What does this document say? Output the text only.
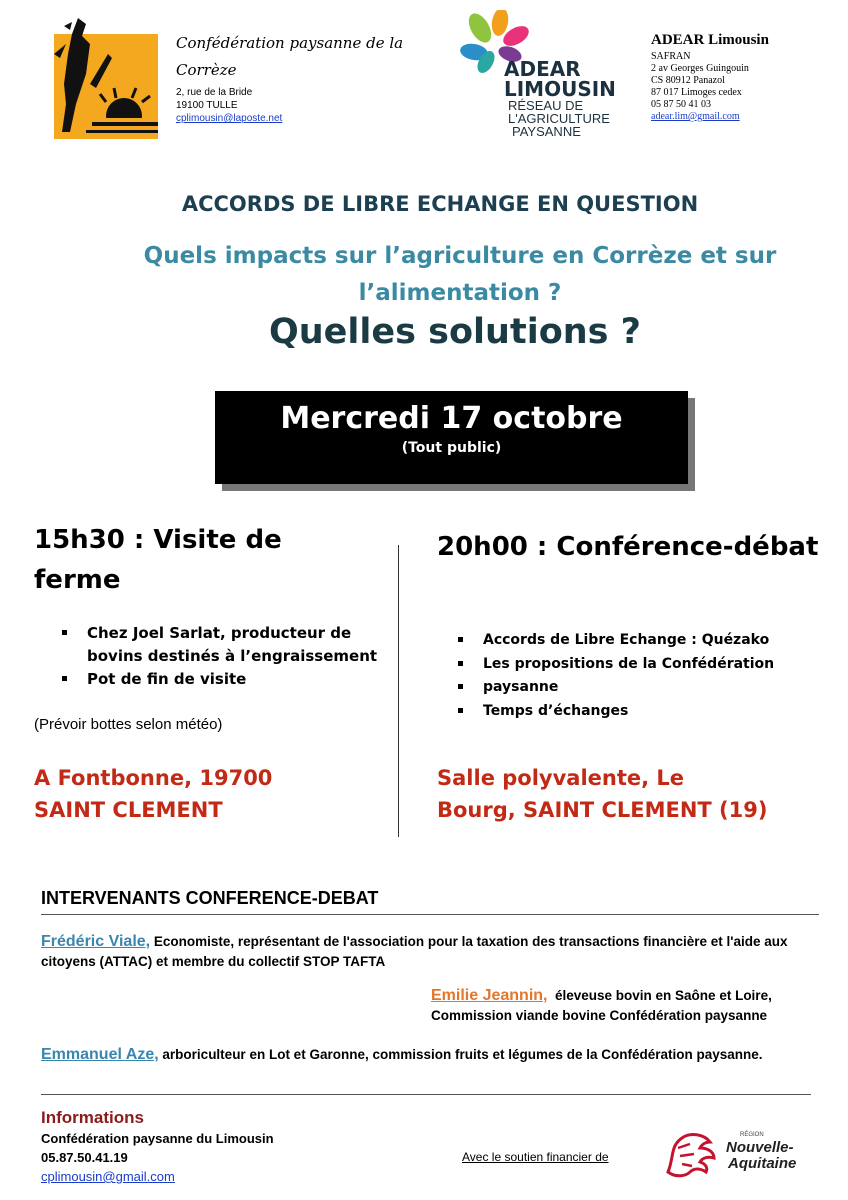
Confédération paysanne de la Corrèze
2, rue de la Bride
19100 TULLE
cplimousin@laposte.net
ADEAR
LIMOUSIN
RÉSEAU DE
L'AGRICULTURE
PAYSANNE
ADEAR Limousin
SAFRAN
2 av Georges Guingouin
CS 80912 Panazol
87 017 Limoges cedex
05 87 50 41 03
adear.lim@gmail.com
ACCORDS DE LIBRE ECHANGE EN QUESTION
Quels impacts sur l’agriculture en Corrèze et sur l’alimentation ?
Quelles solutions ?
Mercredi 17 octobre
(Tout public)
15h30 : Visite de ferme
Chez Joel Sarlat, producteur de bovins destinés à l’engraissement
Pot de fin de visite
(Prévoir bottes selon météo)
A Fontbonne, 19700
SAINT CLEMENT
20h00 : Conférence-débat
Accords de Libre Echange : Quézako
Les propositions de la Confédération
paysanne
Temps d’échanges
Salle polyvalente, Le
Bourg, SAINT CLEMENT (19)
INTERVENANTS CONFERENCE-DEBAT
Frédéric Viale, Economiste, représentant de l'association pour la taxation des transactions financière et l'aide aux citoyens (ATTAC) et membre du collectif STOP TAFTA
Emilie Jeannin, éleveuse bovin en Saône et Loire,
Commission viande bovine Confédération paysanne
Emmanuel Aze, arboriculteur en Lot et Garonne, commission fruits et légumes de la Confédération paysanne.
Informations
Confédération paysanne du Limousin
05.87.50.41.19
cplimousin@gmail.com
Avec le soutien financier de
RÉGION
Nouvelle-
Aquitaine
